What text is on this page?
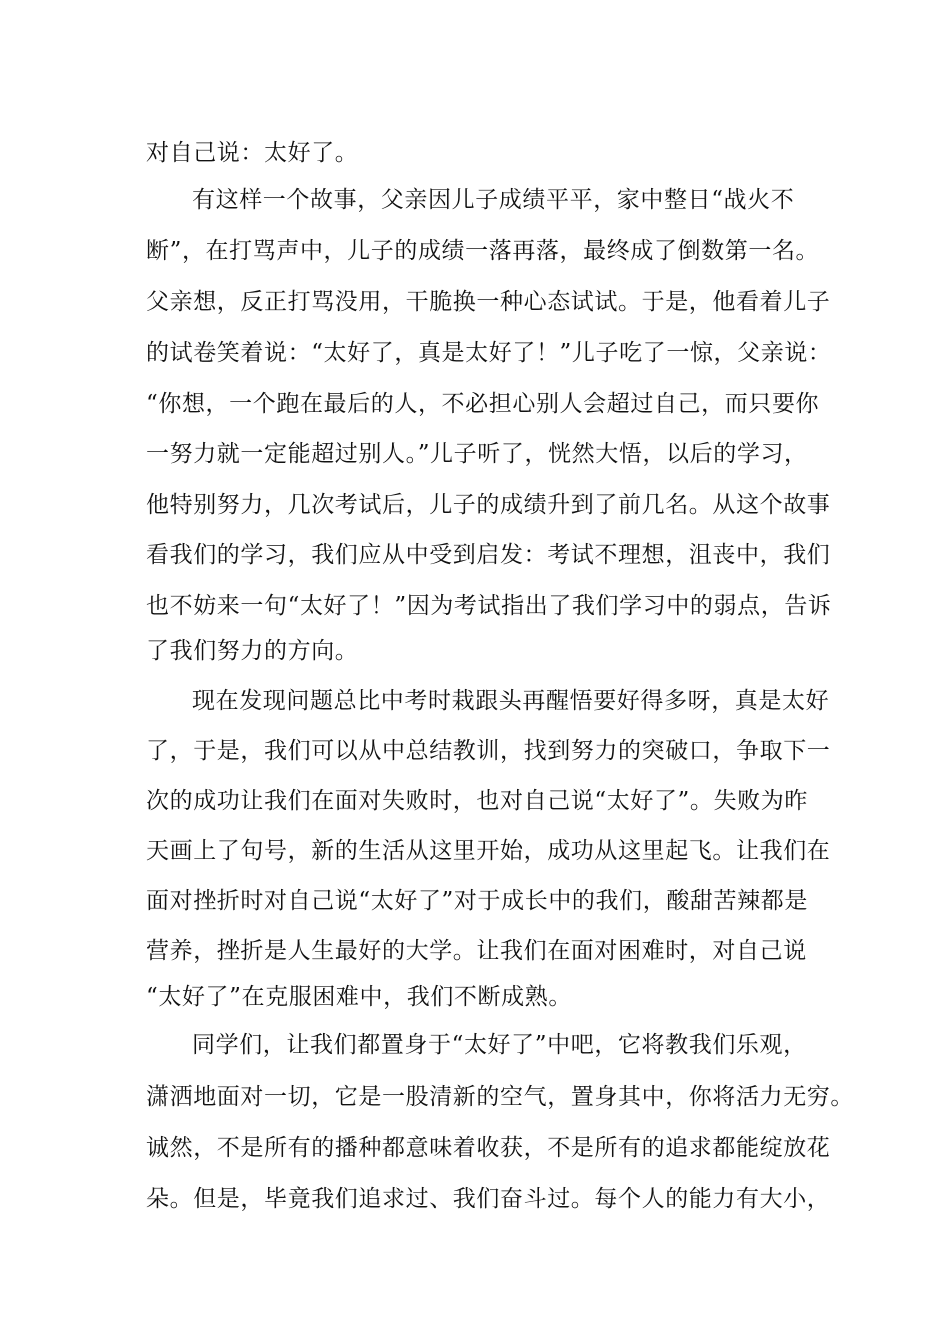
对自己说：太好了。
有这样一个故事，父亲因儿子成绩平平，家中整日“战火不
断”，在打骂声中，儿子的成绩一落再落，最终成了倒数第一名。
父亲想，反正打骂没用，干脆换一种心态试试。于是，他看着儿子
的试卷笑着说：“太好了，真是太好了！”儿子吃了一惊，父亲说：
“你想，一个跑在最后的人，不必担心别人会超过自己，而只要你
一努力就一定能超过别人。”儿子听了，恍然大悟，以后的学习，
他特别努力，几次考试后，儿子的成绩升到了前几名。从这个故事
看我们的学习，我们应从中受到启发：考试不理想，沮丧中，我们
也不妨来一句“太好了！”因为考试指出了我们学习中的弱点，告诉
了我们努力的方向。
现在发现问题总比中考时栽跟头再醒悟要好得多呀，真是太好
了，于是，我们可以从中总结教训，找到努力的突破口，争取下一
次的成功让我们在面对失败时，也对自己说“太好了”。失败为昨
天画上了句号，新的生活从这里开始，成功从这里起飞。让我们在
面对挫折时对自己说“太好了”对于成长中的我们，酸甜苦辣都是
营养，挫折是人生最好的大学。让我们在面对困难时，对自己说
“太好了”在克服困难中，我们不断成熟。
同学们，让我们都置身于“太好了”中吧，它将教我们乐观，
潇洒地面对一切，它是一股清新的空气，置身其中，你将活力无穷。
诚然，不是所有的播种都意味着收获，不是所有的追求都能绽放花
朵。但是，毕竟我们追求过、我们奋斗过。每个人的能力有大小，
